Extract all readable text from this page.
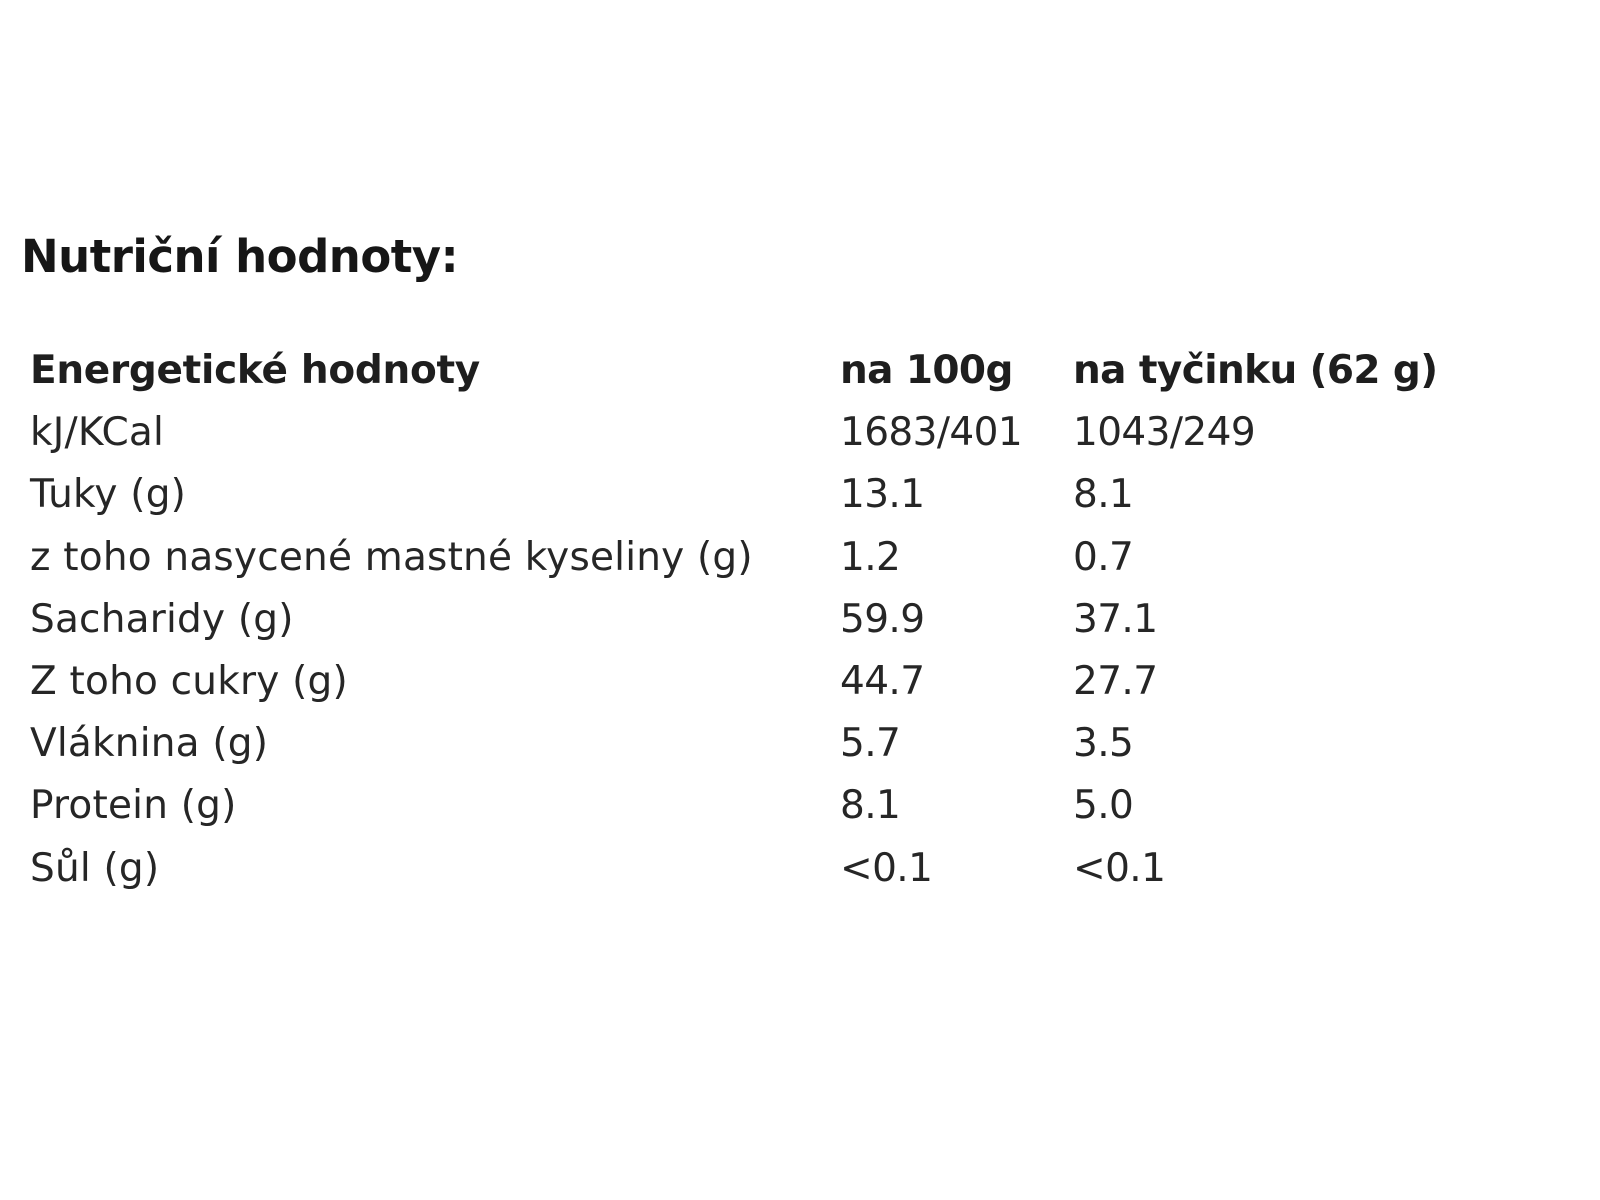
Nutriční hodnoty:
Energetické hodnoty	na 100g	na tyčinku (62 g)
kJ/KCal	1683/401	1043/249
Tuky (g)	13.1	8.1
z toho nasycené mastné kyseliny (g)	1.2	0.7
Sacharidy (g)	59.9	37.1
Z toho cukry (g)	44.7	27.7
Vláknina (g)	5.7	3.5
Protein (g)	8.1	5.0
Sůl (g)	<0.1	<0.1
